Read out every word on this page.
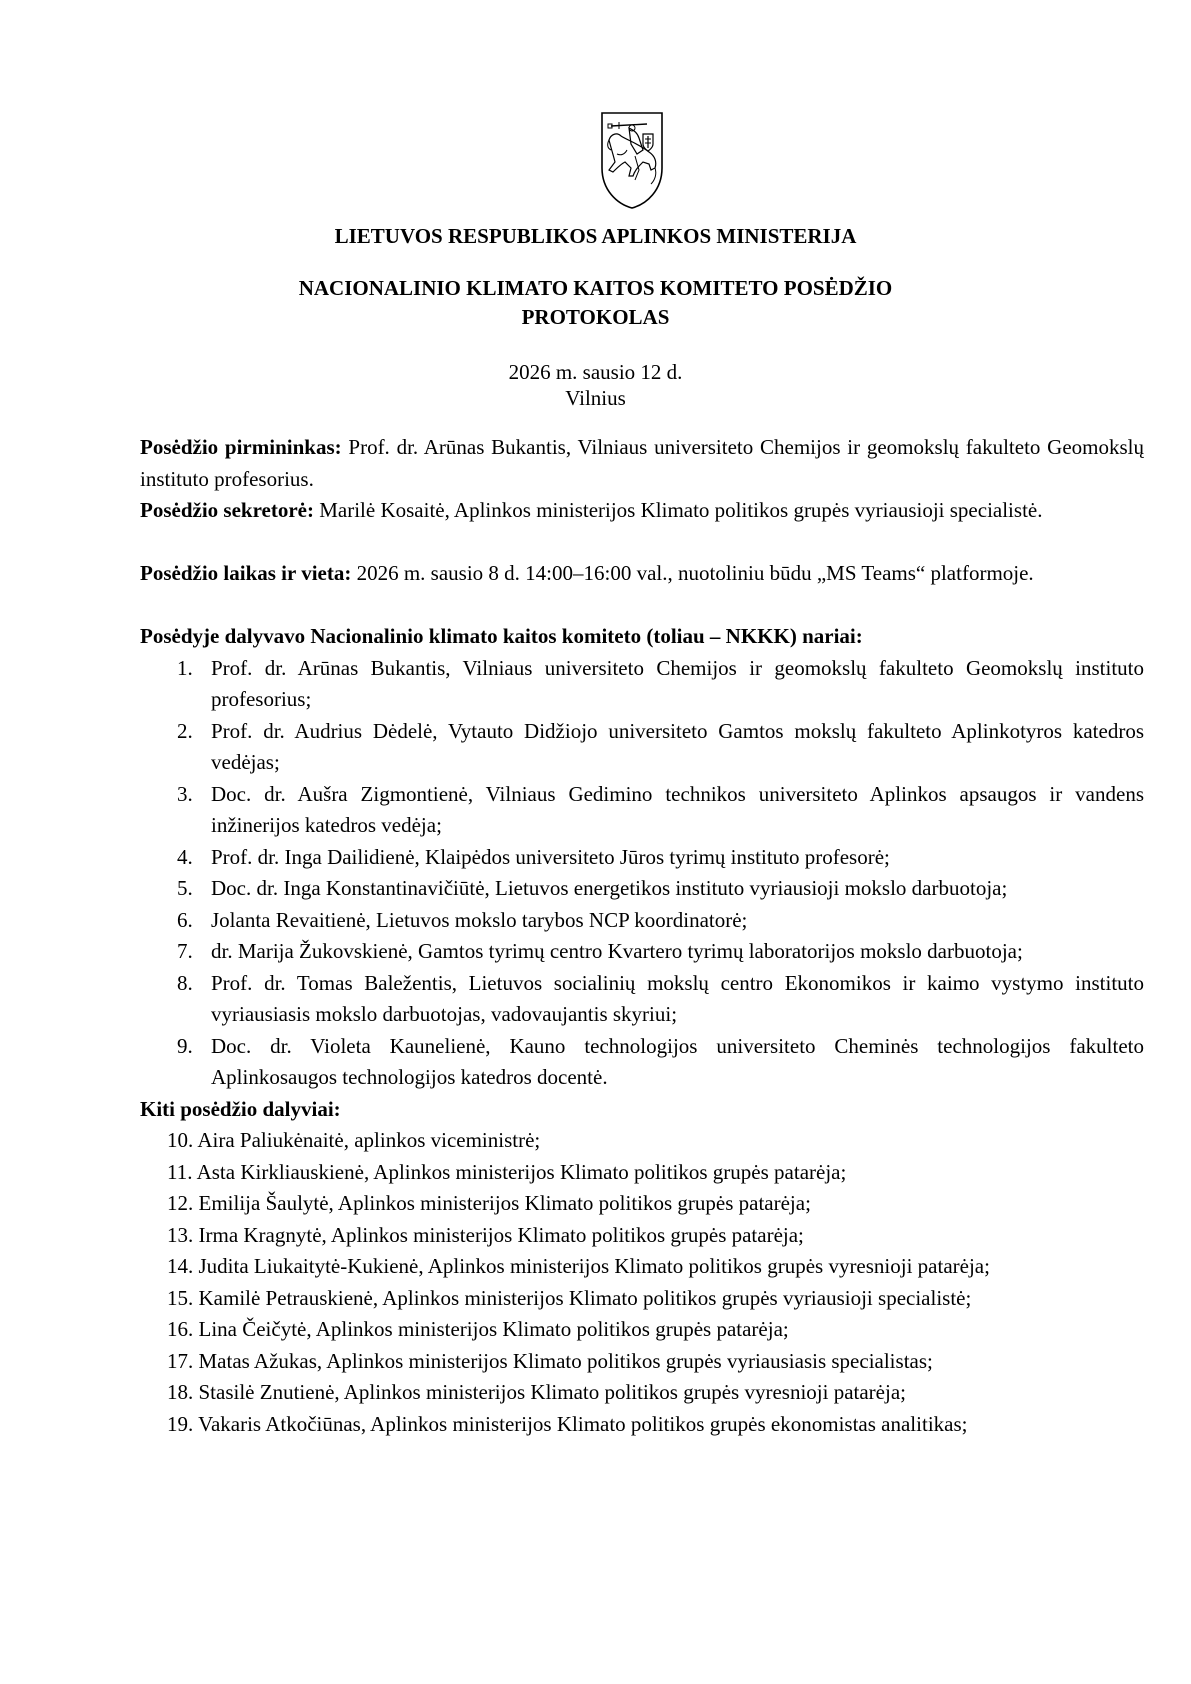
LIETUVOS RESPUBLIKOS APLINKOS MINISTERIJA
NACIONALINIO KLIMATO KAITOS KOMITETO POSĖDŽIO
PROTOKOLAS
2026 m. sausio 12 d.
Vilnius

Posėdžio pirmininkas: Prof. dr. Arūnas Bukantis, Vilniaus universiteto Chemijos ir geomokslų fakulteto Geomokslų instituto profesorius.

Posėdžio sekretorė: Marilė Kosaitė, Aplinkos ministerijos Klimato politikos grupės vyriausioji specialistė.

Posėdžio laikas ir vieta: 2026 m. sausio 8 d. 14:00–16:00 val., nuotoliniu būdu „MS Teams“ platformoje.

Posėdyje dalyvavo Nacionalinio klimato kaitos komiteto (toliau – NKKK) nariai:

1. Prof. dr. Arūnas Bukantis, Vilniaus universiteto Chemijos ir geomokslų fakulteto Geomokslų instituto profesorius;
2. Prof. dr. Audrius Dėdelė, Vytauto Didžiojo universiteto Gamtos mokslų fakulteto Aplinkotyros katedros vedėjas;
3. Doc. dr. Aušra Zigmontienė, Vilniaus Gedimino technikos universiteto Aplinkos apsaugos ir vandens inžinerijos katedros vedėja;
4. Prof. dr. Inga Dailidienė, Klaipėdos universiteto Jūros tyrimų instituto profesorė;
5. Doc. dr. Inga Konstantinavičiūtė, Lietuvos energetikos instituto vyriausioji mokslo darbuotoja;
6. Jolanta Revaitienė, Lietuvos mokslo tarybos NCP koordinatorė;
7. dr. Marija Žukovskienė, Gamtos tyrimų centro Kvartero tyrimų laboratorijos mokslo darbuotoja;
8. Prof. dr. Tomas Baležentis, Lietuvos socialinių mokslų centro Ekonomikos ir kaimo vystymo instituto vyriausiasis mokslo darbuotojas, vadovaujantis skyriui;
9. Doc. dr. Violeta Kaunelienė, Kauno technologijos universiteto Cheminės technologijos fakulteto Aplinkosaugos technologijos katedros docentė.

Kiti posėdžio dalyviai:

10. Aira Paliukėnaitė, aplinkos viceministrė;
11. Asta Kirkliauskienė, Aplinkos ministerijos Klimato politikos grupės patarėja;
12. Emilija Šaulytė, Aplinkos ministerijos Klimato politikos grupės patarėja;
13. Irma Kragnytė, Aplinkos ministerijos Klimato politikos grupės patarėja;
14. Judita Liukaitytė-Kukienė, Aplinkos ministerijos Klimato politikos grupės vyresnioji patarėja;
15. Kamilė Petrauskienė, Aplinkos ministerijos Klimato politikos grupės vyriausioji specialistė;
16. Lina Čeičytė, Aplinkos ministerijos Klimato politikos grupės patarėja;
17. Matas Ažukas, Aplinkos ministerijos Klimato politikos grupės vyriausiasis specialistas;
18. Stasilė Znutienė, Aplinkos ministerijos Klimato politikos grupės vyresnioji patarėja;
19. Vakaris Atkočiūnas, Aplinkos ministerijos Klimato politikos grupės ekonomistas analitikas;
